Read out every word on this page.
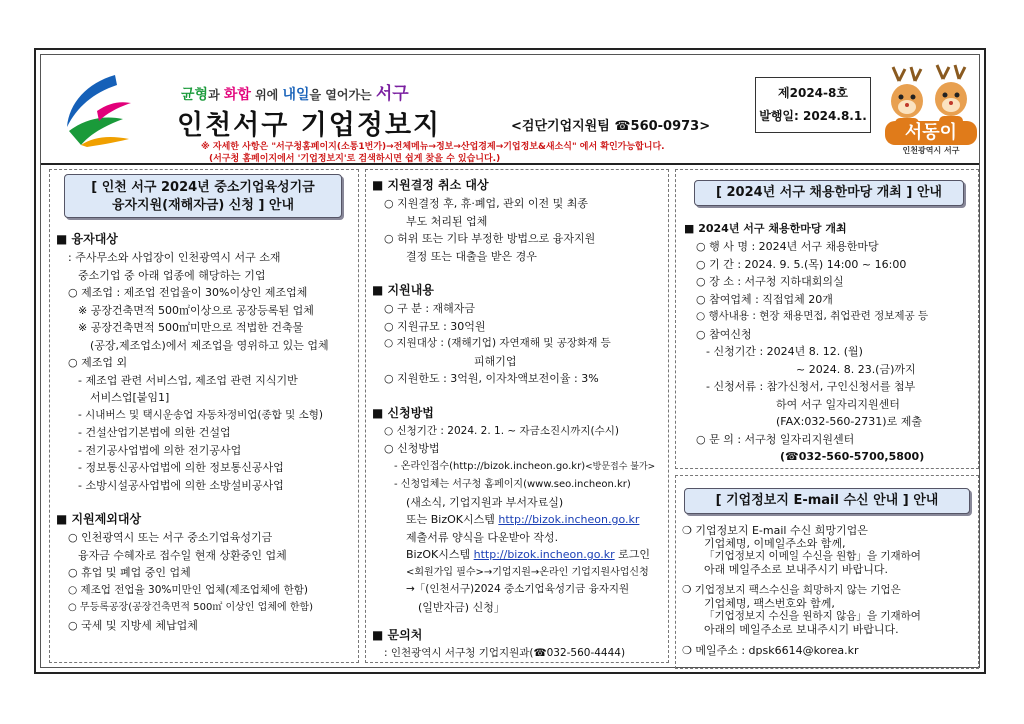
균형과 화합 위에 내일을 열어가는 서구
인천서구 기업정보지	<검단기업지원팀 ☎560-0973>
※ 자세한 사항은 "서구청홈페이지(소통1번가)→전체메뉴→정보→산업경제→기업정보&새소식" 에서 확인가능합니다.
(서구청 홈페이지에서 '기업정보지'로 검색하시면 쉽게 찾을 수 있습니다.)
제2024-8호
발행일: 2024.8.1.
서동이
인천광역시 서구
[ 인천 서구 2024년 중소기업육성기금
융자지원(재해자금) 신청 ] 안내
■ 융자대상
: 주사무소와 사업장이 인천광역시 서구 소재
중소기업 중 아래 업종에 해당하는 기업
○ 제조업 : 제조업 전업율이 30%이상인 제조업체
※ 공장건축면적 500㎡이상으로 공장등록된 업체
※ 공장건축면적 500㎡미만으로 적법한 건축물
(공장,제조업소)에서 제조업을 영위하고 있는 업체
○ 제조업 외
- 제조업 관련 서비스업, 제조업 관련 지식기반
서비스업[붙임1]
- 시내버스 및 택시운송업 자동차정비업(종합 및 소형)
- 건설산업기본법에 의한 건설업
- 전기공사업법에 의한 전기공사업
- 정보통신공사업법에 의한 정보통신공사업
- 소방시설공사업법에 의한 소방설비공사업
■ 지원제외대상
○ 인천광역시 또는 서구 중소기업육성기금
융자금 수혜자로 접수일 현재 상환중인 업체
○ 휴업 및 폐업 중인 업체
○ 제조업 전업율 30%미만인 업체(제조업체에 한함)
○ 무등록공장(공장건축면적 500㎡ 이상인 업체에 한함)
○ 국세 및 지방세 체납업체
■ 지원결정 취소 대상
○ 지원결정 후, 휴·폐업, 관외 이전 및 최종
부도 처리된 업체
○ 허위 또는 기타 부정한 방법으로 융자지원
결정 또는 대출을 받은 경우
■ 지원내용
○ 구 분 : 재해자금
○ 지원규모 : 30억원
○ 지원대상 : (재해기업) 자연재해 및 공장화재 등
피해기업
○ 지원한도 : 3억원, 이자차액보전이율 : 3%
■ 신청방법
○ 신청기간 : 2024. 2. 1. ~ 자금소진시까지(수시)
○ 신청방법
- 온라인접수(http://bizok.incheon.go.kr)<방문접수 불가>
- 신청업체는 서구청 홈페이지(www.seo.incheon.kr)
(새소식, 기업지원과 부서자료실)
또는 BizOK시스템 http://bizok.incheon.go.kr
제출서류 양식을 다운받아 작성.
BizOK시스템 http://bizok.incheon.go.kr 로그인
<회원가입 필수>→기업지원→온라인 기업지원사업신청
→「(인천서구)2024 중소기업육성기금 융자지원
(일반자금) 신청」
■ 문의처
: 인천광역시 서구청 기업지원과(☎032-560-4444)
[ 2024년 서구 채용한마당 개최 ] 안내
■ 2024년 서구 채용한마당 개최
○ 행 사 명 : 2024년 서구 채용한마당
○ 기 간 : 2024. 9. 5.(목) 14:00 ~ 16:00
○ 장 소 : 서구청 지하대회의실
○ 참여업체 : 직접업체 20개
○ 행사내용 : 현장 채용면접, 취업관련 정보제공 등
○ 참여신청
- 신청기간 : 2024년 8. 12. (월)
~ 2024. 8. 23.(금)까지
- 신청서류 : 참가신청서, 구인신청서를 첨부
하여 서구 일자리지원센터
(FAX:032-560-2731)로 제출
○ 문 의 : 서구청 일자리지원센터
(☎032-560-5700,5800)
[ 기업정보지 E-mail 수신 안내 ] 안내
❍ 기업정보지 E-mail 수신 희망기업은
기업체명, 이메일주소와 함께,
「기업정보지 이메일 수신을 원함」을 기재하여
아래 메일주소로 보내주시기 바랍니다.
❍ 기업정보지 팩스수신을 희망하지 않는 기업은
기업체명, 팩스번호와 함께,
「기업정보지 수신을 원하지 않음」을 기재하여
아래의 메일주소로 보내주시기 바랍니다.
❍ 메일주소 : dpsk6614@korea.kr
